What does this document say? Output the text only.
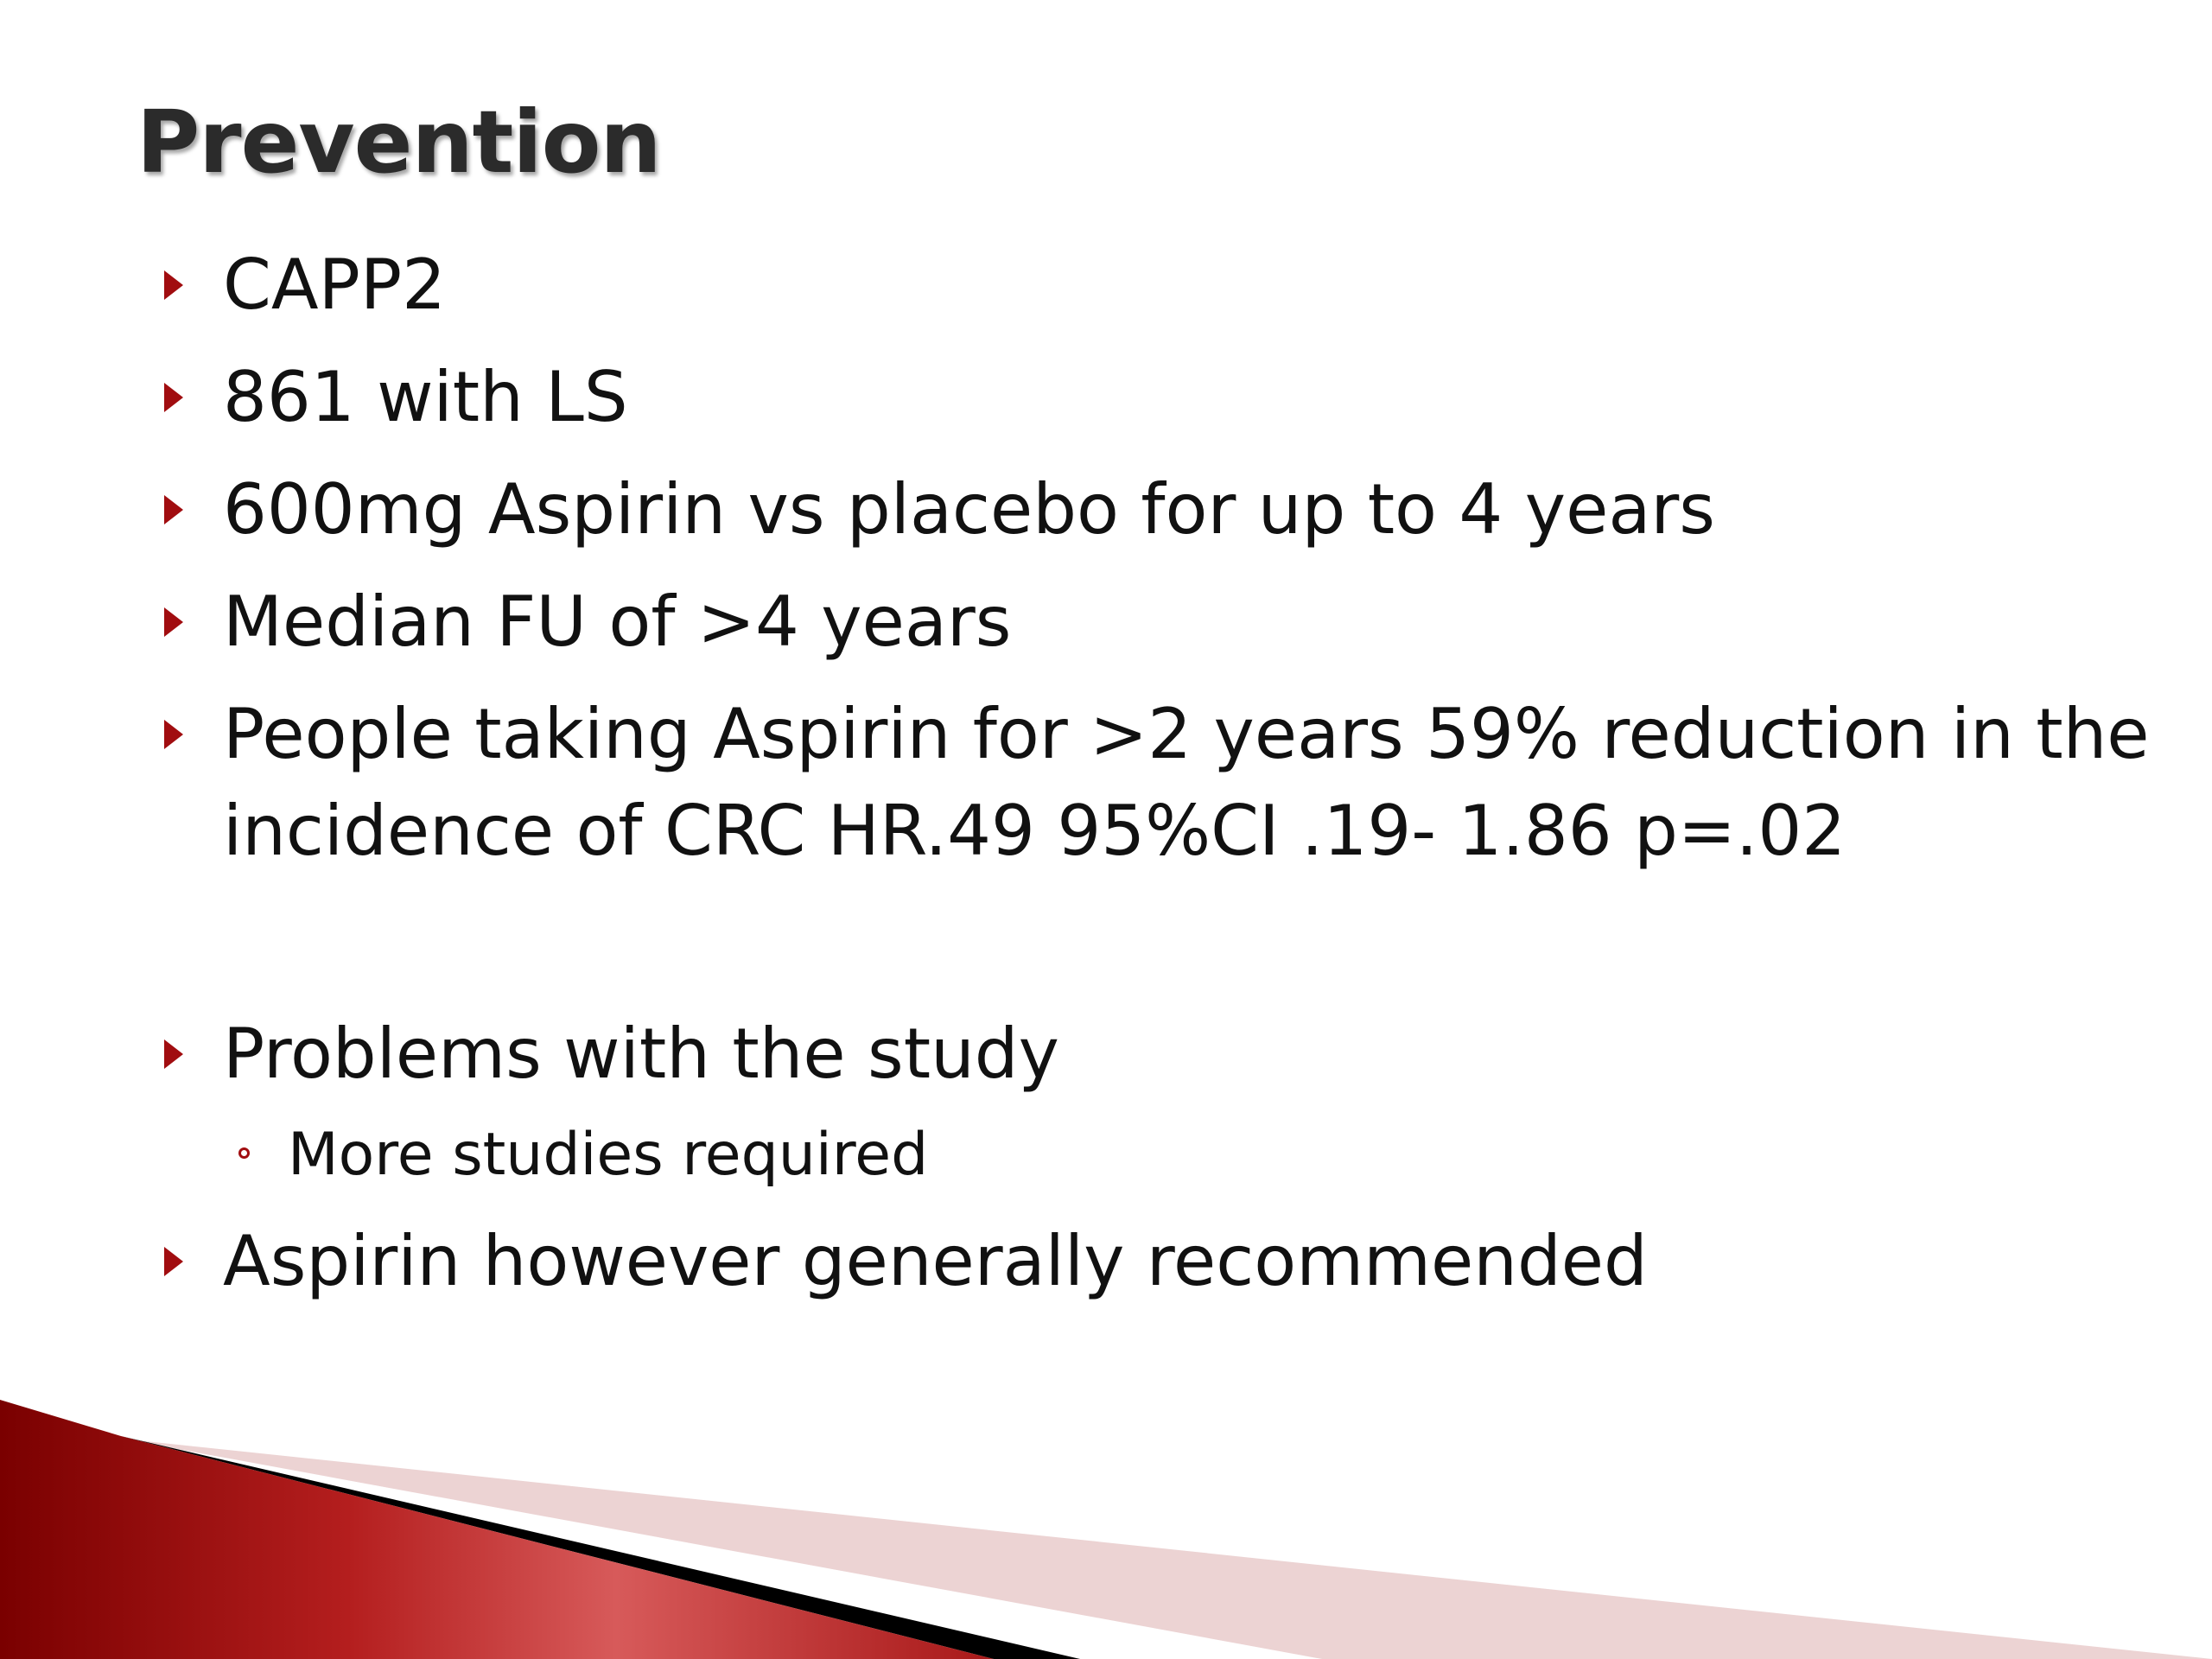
Prevention
CAPP2
861 with LS
600mg Aspirin vs placebo for up to 4 years
Median FU of >4 years
People taking Aspirin for >2 years 59% reduction in the
incidence of CRC HR.49 95%CI .19- 1.86 p=.02
Problems with the study
More studies required
Aspirin however generally recommended
